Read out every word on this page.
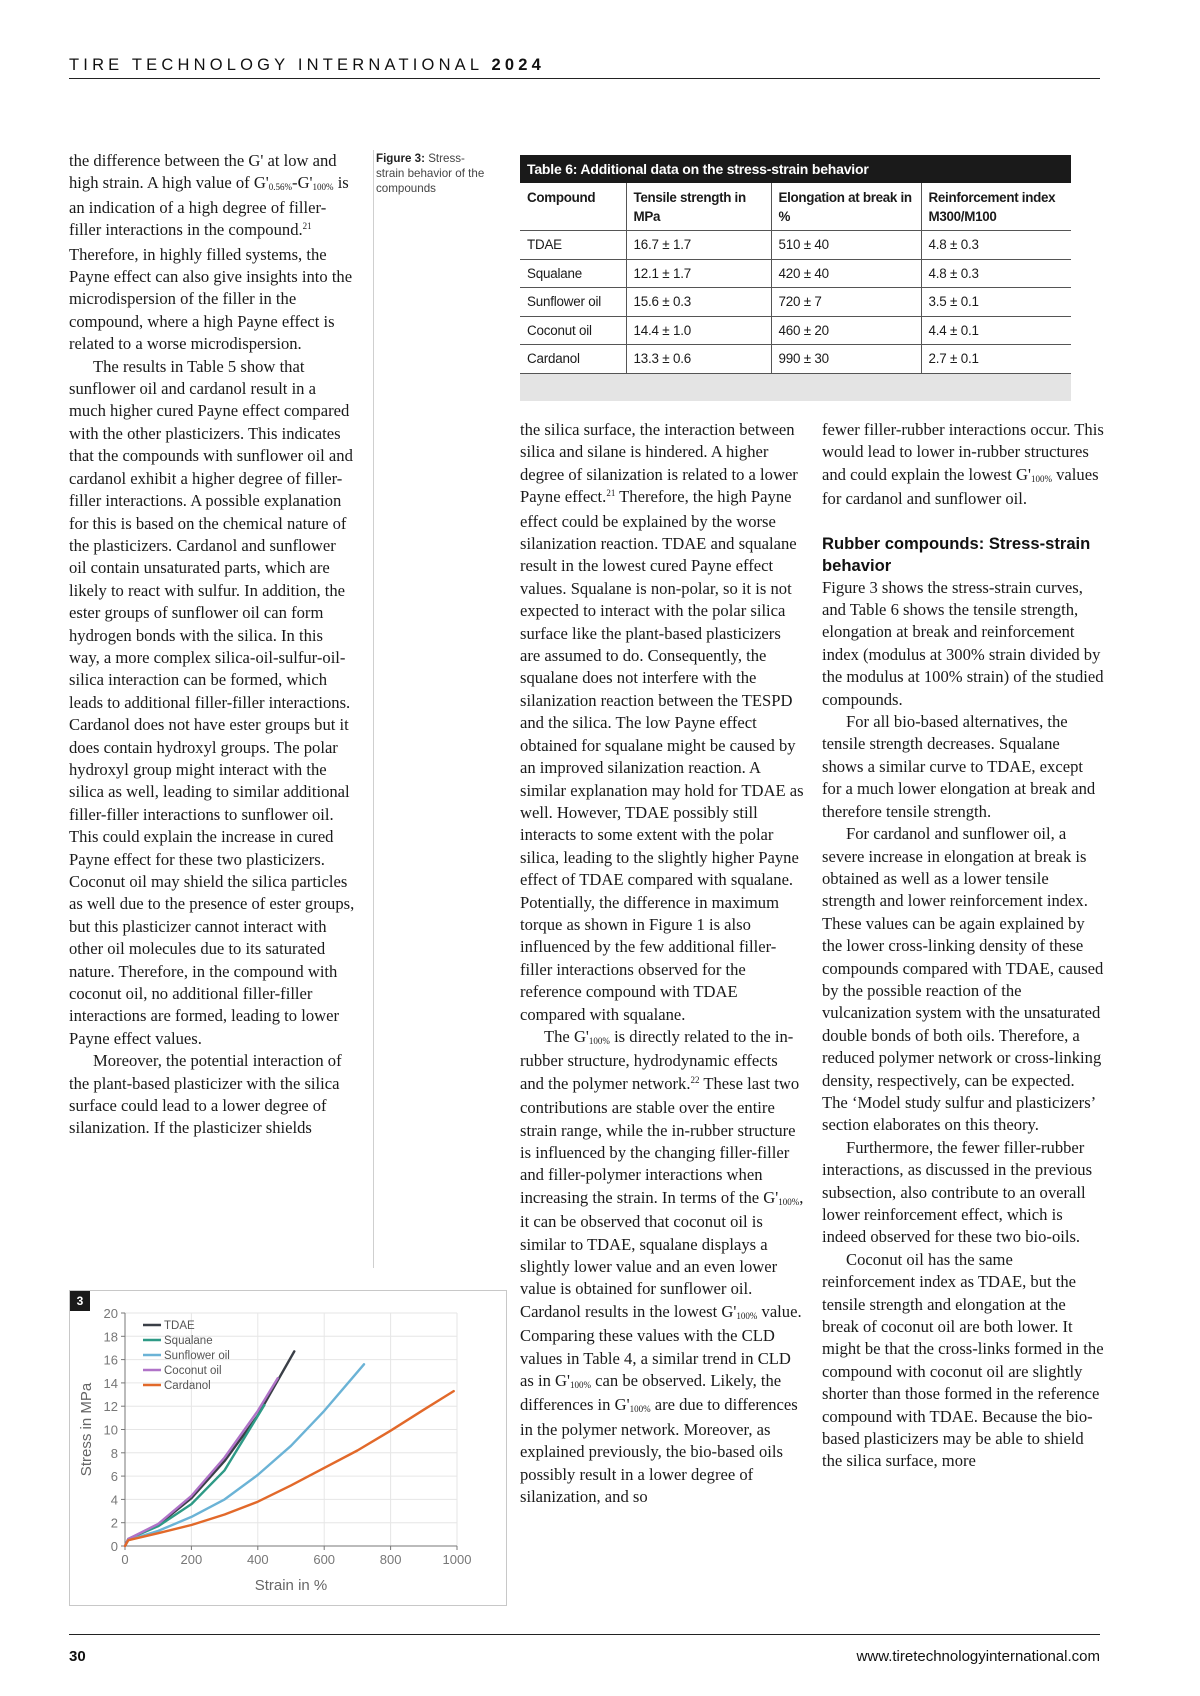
TIRE TECHNOLOGY INTERNATIONAL 2024

the difference between the G' at low and high strain. A high value of $G'_{0.56\%}-G'_{100\%}$ is an indication of a high degree of filler-filler interactions in the compound.$^{21}$ Therefore, in highly filled systems, the Payne effect can also give insights into the microdispersion of the filler in the compound, where a high Payne effect is related to a worse microdispersion.

The results in Table 5 show that sunflower oil and cardanol result in a much higher cured Payne effect compared with the other plasticizers. This indicates that the compounds with sunflower oil and cardanol exhibit a higher degree of filler-filler interactions. A possible explanation for this is based on the chemical nature of the plasticizers. Cardanol and sunflower oil contain unsaturated parts, which are likely to react with sulfur. In addition, the ester groups of sunflower oil can form hydrogen bonds with the silica. In this way, a more complex silica-oil-sulfur-oil-silica interaction can be formed, which leads to additional filler-filler interactions. Cardanol does not have ester groups but it does contain hydroxyl groups. The polar hydroxyl group might interact with the silica as well, leading to similar additional filler-filler interactions to sunflower oil. This could explain the increase in cured Payne effect for these two plasticizers. Coconut oil may shield the silica particles as well due to the presence of ester groups, but this plasticizer cannot interact with other oil molecules due to its saturated nature. Therefore, in the compound with coconut oil, no additional filler-filler interactions are formed, leading to lower Payne effect values.

Moreover, the potential interaction of the plant-based plasticizer with the silica surface could lead to a lower degree of silanization. If the plasticizer shields

Figure 3: Stress-strain behavior of the compounds
Table 6: Additional data on the stress-strain behavior
Compound	Tensile strength in MPa	Elongation at break in %	Reinforcement index M300/M100
TDAE	16.7 ± 1.7	510 ± 40	4.8 ± 0.3
Squalane	12.1 ± 1.7	420 ± 40	4.8 ± 0.3
Sunflower oil	15.6 ± 0.3	720 ± 7	3.5 ± 0.1
Coconut oil	14.4 ± 1.0	460 ± 20	4.4 ± 0.1
Cardanol	13.3 ± 0.6	990 ± 30	2.7 ± 0.1

the silica surface, the interaction between silica and silane is hindered. A higher degree of silanization is related to a lower Payne effect.$^{21}$ Therefore, the high Payne effect could be explained by the worse silanization reaction. TDAE and squalane result in the lowest cured Payne effect values. Squalane is non-polar, so it is not expected to interact with the polar silica surface like the plant-based plasticizers are assumed to do. Consequently, the squalane does not interfere with the silanization reaction between the TESPD and the silica. The low Payne effect obtained for squalane might be caused by an improved silanization reaction. A similar explanation may hold for TDAE as well. However, TDAE possibly still interacts to some extent with the polar silica, leading to the slightly higher Payne effect of TDAE compared with squalane. Potentially, the difference in maximum torque as shown in Figure 1 is also influenced by the few additional filler-filler interactions observed for the reference compound with TDAE compared with squalane.

The $G'_{100\%}$ is directly related to the in-rubber structure, hydrodynamic effects and the polymer network.$^{22}$ These last two contributions are stable over the entire strain range, while the in-rubber structure is influenced by the changing filler-filler and filler-polymer interactions when increasing the strain. In terms of the $G'_{100\%}$, it can be observed that coconut oil is similar to TDAE, squalane displays a slightly lower value and an even lower value is obtained for sunflower oil. Cardanol results in the lowest $G'_{100\%}$ value. Comparing these values with the CLD values in Table 4, a similar trend in CLD as in $G'_{100\%}$ can be observed. Likely, the differences in $G'_{100\%}$ are due to differences in the polymer network. Moreover, as explained previously, the bio-based oils possibly result in a lower degree of silanization, and so

fewer filler-rubber interactions occur. This would lead to lower in-rubber structures and could explain the lowest $G'_{100\%}$ values for cardanol and sunflower oil.

Rubber compounds: Stress-strain behavior

Figure 3 shows the stress-strain curves, and Table 6 shows the tensile strength, elongation at break and reinforcement index (modulus at 300% strain divided by the modulus at 100% strain) of the studied compounds.

For all bio-based alternatives, the tensile strength decreases. Squalane shows a similar curve to TDAE, except for a much lower elongation at break and therefore tensile strength.

For cardanol and sunflower oil, a severe increase in elongation at break is obtained as well as a lower tensile strength and lower reinforcement index. These values can be again explained by the lower cross-linking density of these compounds compared with TDAE, caused by the possible reaction of the vulcanization system with the unsaturated double bonds of both oils. Therefore, a reduced polymer network or cross-linking density, respectively, can be expected. The ‘Model study sulfur and plasticizers’ section elaborates on this theory.

Furthermore, the fewer filler-rubber interactions, as discussed in the previous subsection, also contribute to an overall lower reinforcement effect, which is indeed observed for these two bio-oils.

Coconut oil has the same reinforcement index as TDAE, but the tensile strength and elongation at the break of coconut oil are both lower. It might be that the cross-links formed in the compound with coconut oil are slightly shorter than those formed in the reference compound with TDAE. Because the bio-based plasticizers may be able to shield the silica surface, more

0
2
4
6
8
10
12
14
16
18
20
0	200	400	600	800	1000
Strain in %
Stress in MPa
TDAE
Squalane
Sunflower oil
Coconut oil
Cardanol
3
30	www.tiretechnologyinternational.com
